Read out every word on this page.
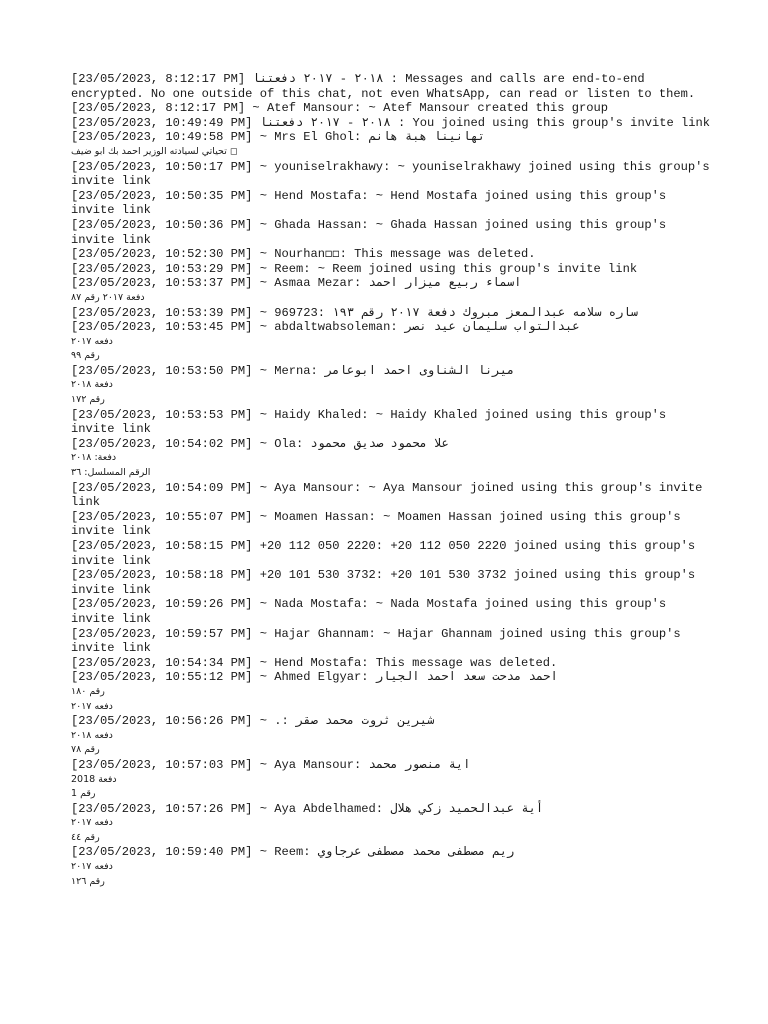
[23/05/2023, 8:12:17 PM] ٢٠١٨ - ٢٠١٧ دفعتنا : Messages and calls are end-to-end encrypted. No one outside of this chat, not even WhatsApp, can read or listen to them.
[23/05/2023, 8:12:17 PM] ~ Atef Mansour: ~ Atef Mansour created this group
[23/05/2023, 10:49:49 PM] ٢٠١٨ - ٢٠١٧ دفعتنا : You joined using this group's invite link
[23/05/2023, 10:49:58 PM] ~ Mrs El Ghol: تهانينا هبة هانم
تحياتي لسيادته الوزير احمد بك ابو ضيف ◻
[23/05/2023, 10:50:17 PM] ~ youniselrakhawy: ~ youniselrakhawy joined using this group's invite link
[23/05/2023, 10:50:35 PM] ~ Hend Mostafa: ~ Hend Mostafa joined using this group's invite link
[23/05/2023, 10:50:36 PM] ~ Ghada Hassan: ~ Ghada Hassan joined using this group's invite link
[23/05/2023, 10:52:30 PM] ~ Nourhan◻◻: This message was deleted.
[23/05/2023, 10:53:29 PM] ~ Reem: ~ Reem joined using this group's invite link
[23/05/2023, 10:53:37 PM] ~ Asmaa Mezar: اسماء ربيع ميزار احمد
دفعة ٢٠١٧ رقم ٨٧
[23/05/2023, 10:53:39 PM] ~ 969723: ساره سلامه عبدالمعز مبروك دفعة ٢٠١٧ رقم ١٩٣
[23/05/2023, 10:53:45 PM] ~ abdaltwabsoleman: عبدالتواب سليمان عيد نصر
دفعه ٢٠١٧
رقم ٩٩
[23/05/2023, 10:53:50 PM] ~ Merna: ميرنا الشناوى احمد ابوعامر
دفعة ٢٠١٨
رقم ١٧٢
[23/05/2023, 10:53:53 PM] ~ Haidy Khaled: ~ Haidy Khaled joined using this group's invite link
[23/05/2023, 10:54:02 PM] ~ Ola: علا محمود صديق محمود
دفعة: ٢٠١٨
الرقم المسلسل: ٣٦
[23/05/2023, 10:54:09 PM] ~ Aya Mansour: ~ Aya Mansour joined using this group's invite link
[23/05/2023, 10:55:07 PM] ~ Moamen Hassan: ~ Moamen Hassan joined using this group's invite link
[23/05/2023, 10:58:15 PM] +20 112 050 2220: +20 112 050 2220 joined using this group's invite link
[23/05/2023, 10:58:18 PM] +20 101 530 3732: +20 101 530 3732 joined using this group's invite link
[23/05/2023, 10:59:26 PM] ~ Nada Mostafa: ~ Nada Mostafa joined using this group's invite link
[23/05/2023, 10:59:57 PM] ~ Hajar Ghannam: ~ Hajar Ghannam joined using this group's invite link
[23/05/2023, 10:54:34 PM] ~ Hend Mostafa: This message was deleted.
[23/05/2023, 10:55:12 PM] ~ Ahmed Elgyar: احمد مدحت سعد احمد الجيار
رقم ١٨٠
دفعه ٢٠١٧
[23/05/2023, 10:56:26 PM] ~ .: شيرين ثروت محمد صقر
دفعه ٢٠١٨
رقم ٧٨
[23/05/2023, 10:57:03 PM] ~ Aya Mansour: اية منصور محمد
دفعة 2018
رقم 1
[23/05/2023, 10:57:26 PM] ~ Aya Abdelhamed: أية عبدالحميد زكي هلال
دفعه ٢٠١٧
رقم ٤٤
[23/05/2023, 10:59:40 PM] ~ Reem: ريم مصطفى محمد مصطفى عرجاوي
دفعه ٢٠١٧
رقم ١٢٦
